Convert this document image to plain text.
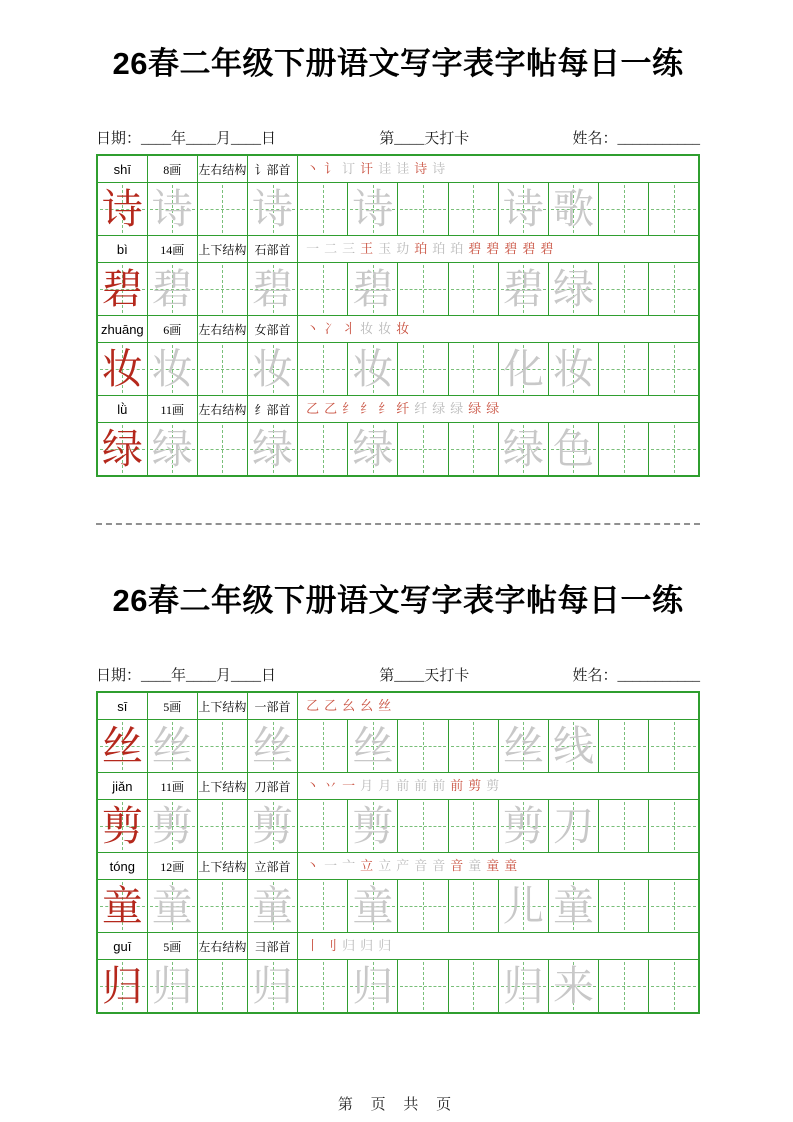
26春二年级下册语文写字表字帖每日一练
日期：____年____月____日	第____天打卡	姓名：___________
shī	8画	左右结构	讠部首	丶 讠 订 讦 诖 诖 诗 诗							

诗	诗		诗		诗			诗	歌		

bì	14画	上下结构	石部首	一 二 三 王 玉 玏 珀 珀 珀 碧 碧 碧 碧 碧							

碧	碧		碧		碧			碧	绿		

zhuāng	6画	左右结构	女部首	丶 冫 丬 妆 妆 妆							

妆	妆		妆		妆			化	妆		

lǜ	11画	左右结构	纟部首	乙 乙 纟 纟 纟 纤 纤 绿 绿 绿 绿							

绿	绿		绿		绿			绿	色		

26春二年级下册语文写字表字帖每日一练
日期：____年____月____日	第____天打卡	姓名：___________
sī	5画	上下结构	一部首	乙 乙 幺 幺 丝							

丝	丝		丝		丝			丝	线		

jiǎn	11画	上下结构	刀部首	丶 丷 一 月 月 前 前 前 前 剪 剪							

剪	剪		剪		剪			剪	刀		

tóng	12画	上下结构	立部首	丶 一 亠 立 立 产 音 音 音 童 童 童							

童	童		童		童			儿	童		

guī	5画	左右结构	彐部首	丨 刂 归 归 归							

归	归		归		归			归	来		

第 页 共 页
